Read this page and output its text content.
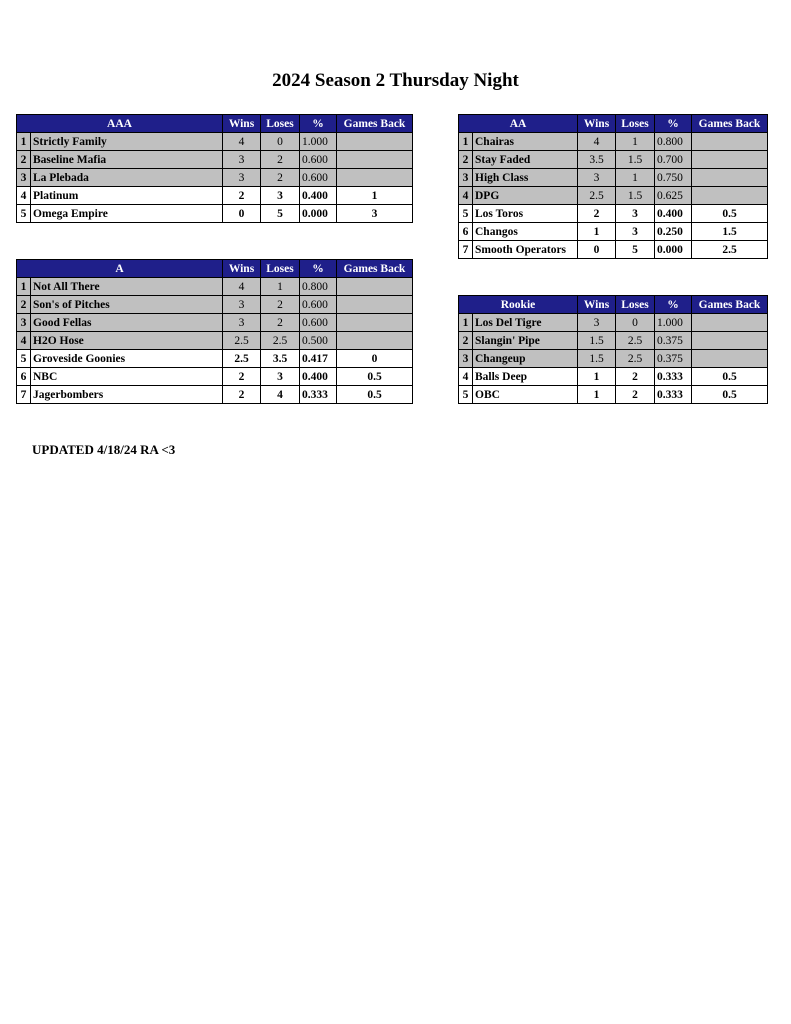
2024 Season 2 Thursday Night
AAA		Wins	Loses	%	Games Back
1	Strictly Family	4	0	1.000	
2	Baseline Mafia	3	2	0.600	
3	La Plebada	3	2	0.600	
4	Platinum	2	3	0.400	1
5	Omega Empire	0	5	0.000	3
AA		Wins	Loses	%	Games Back
1	Chairas	4	1	0.800	
2	Stay Faded	3.5	1.5	0.700	
3	High Class	3	1	0.750	
4	DPG	2.5	1.5	0.625	
5	Los Toros	2	3	0.400	0.5
6	Changos	1	3	0.250	1.5
7	Smooth Operators	0	5	0.000	2.5
A		Wins	Loses	%	Games Back
1	Not All There	4	1	0.800	
2	Son's of Pitches	3	2	0.600	
3	Good Fellas	3	2	0.600	
4	H2O Hose	2.5	2.5	0.500	
5	Groveside Goonies	2.5	3.5	0.417	0
6	NBC	2	3	0.400	0.5
7	Jagerbombers	2	4	0.333	0.5
Rookie		Wins	Loses	%	Games Back
1	Los Del Tigre	3	0	1.000	
2	Slangin' Pipe	1.5	2.5	0.375	
3	Changeup	1.5	2.5	0.375	
4	Balls Deep	1	2	0.333	0.5
5	OBC	1	2	0.333	0.5
UPDATED 4/18/24 RA <3
